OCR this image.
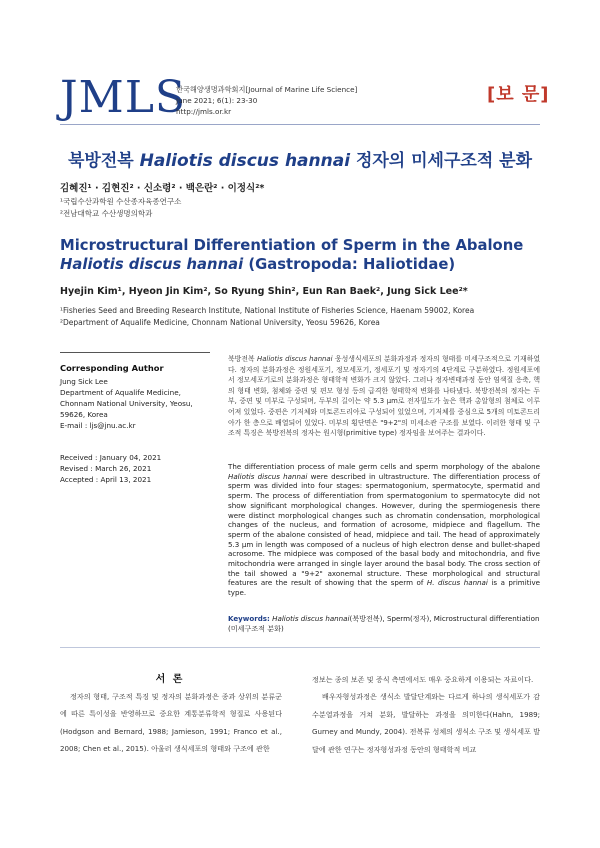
JMLS
한국해양생명과학회지[Journal of Marine Life Science]
June 2021; 6(1): 23-30
http://jmls.or.kr
[보 문]
북방전복 Haliotis discus hannai 정자의 미세구조적 분화
김혜진¹ · 김현진² · 신소령² · 백은란² · 이정식²*
¹국립수산과학원 수산종자육종연구소
²전남대학교 수산생명의학과
Microstructural Differentiation of Sperm in the Abalone
Haliotis discus hannai (Gastropoda: Haliotidae)
Hyejin Kim¹, Hyeon Jin Kim², So Ryung Shin², Eun Ran Baek², Jung Sick Lee²*
¹Fisheries Seed and Breeding Research Institute, National Institute of Fisheries Science, Haenam 59002, Korea
²Department of Aqualife Medicine, Chonnam National University, Yeosu 59626, Korea
Corresponding Author
Jung Sick Lee
Department of Aqualife Medicine,
Chonnam National University, Yeosu,
59626, Korea
E-mail : ljs@jnu.ac.kr
Received : January 04, 2021
Revised : March 26, 2021
Accepted : April 13, 2021
북방전복 Haliotis discus hannai 웅성생식세포의 분화과정과 정자의 형태를 미세구조적으로 기재하였다. 정자의 분화과정은 정원세포기, 정모세포기, 정세포기 및 정자기의 4단계로 구분하였다. 정원세포에서 정모세포기로의 분화과정은 형태학적 변화가 크지 않았다. 그러나 정자변태과정 동안 염색질 응축, 핵의 형태 변화, 첨체와 중편 및 편모 형성 등의 급격한 형태학적 변화를 나타냈다. 북방전복의 정자는 두부, 중편 및 미부로 구성되며, 두부의 길이는 약 5.3 μm로 전자밀도가 높은 핵과 총알형의 첨체로 이루어져 있었다. 중편은 기저체와 미토콘드리아로 구성되어 있었으며, 기저체를 중심으로 5개의 미토콘드리아가 한 층으로 배열되어 있었다. 미부의 횡단면은 "9+2"의 미세소관 구조를 보였다. 이러한 형태 및 구조적 특징은 북방전복의 정자는 원시형(primitive type) 정자임을 보여주는 결과이다.
The differentiation process of male germ cells and sperm morphology of the abalone Haliotis discus hannai were described in ultrastructure. The differentiation process of sperm was divided into four stages: spermatogonium, spermatocyte, spermatid and sperm. The process of differentiation from spermatogonium to spermatocyte did not show significant morphological changes. However, during the spermiogenesis there were distinct morphological changes such as chromatin condensation, morphological changes of the nucleus, and formation of acrosome, midpiece and flagellum. The sperm of the abalone consisted of head, midpiece and tail. The head of approximately 5.3 μm in length was composed of a nucleus of high electron dense and bullet-shaped acrosome. The midpiece was composed of the basal body and mitochondria, and five mitochondria were arranged in single layer around the basal body. The cross section of the tail showed a "9+2" axonemal structure. These morphological and structural features are the result of showing that the sperm of H. discus hannai is a primitive type.
Keywords: Haliotis discus hannai(북방전복), Sperm(정자), Microstructural differentiation (미세구조적 분화)
서 론

정자의 형태, 구조적 특징 및 정자의 분화과정은 종과 상위의 분류군에 따른 특이성을 반영하므로 중요한 계통분류학적 형질로 사용된다(Hodgson and Bernard, 1988; Jamieson, 1991; Franco et al., 2008; Chen et al., 2015). 아울러 생식세포의 형태와 구조에 관한

정보는 종의 보존 및 증식 측면에서도 매우 중요하게 이용되는 자료이다.

배우자형성과정은 생식소 발달단계와는 다르게 하나의 생식세포가 감수분열과정을 거쳐 분화, 발달하는 과정을 의미한다(Hahn, 1989; Gurney and Mundy, 2004). 전복류 성체의 생식소 구조 및 생식세포 발달에 관한 연구는 정자형성과정 동안의 형태학적 비교
